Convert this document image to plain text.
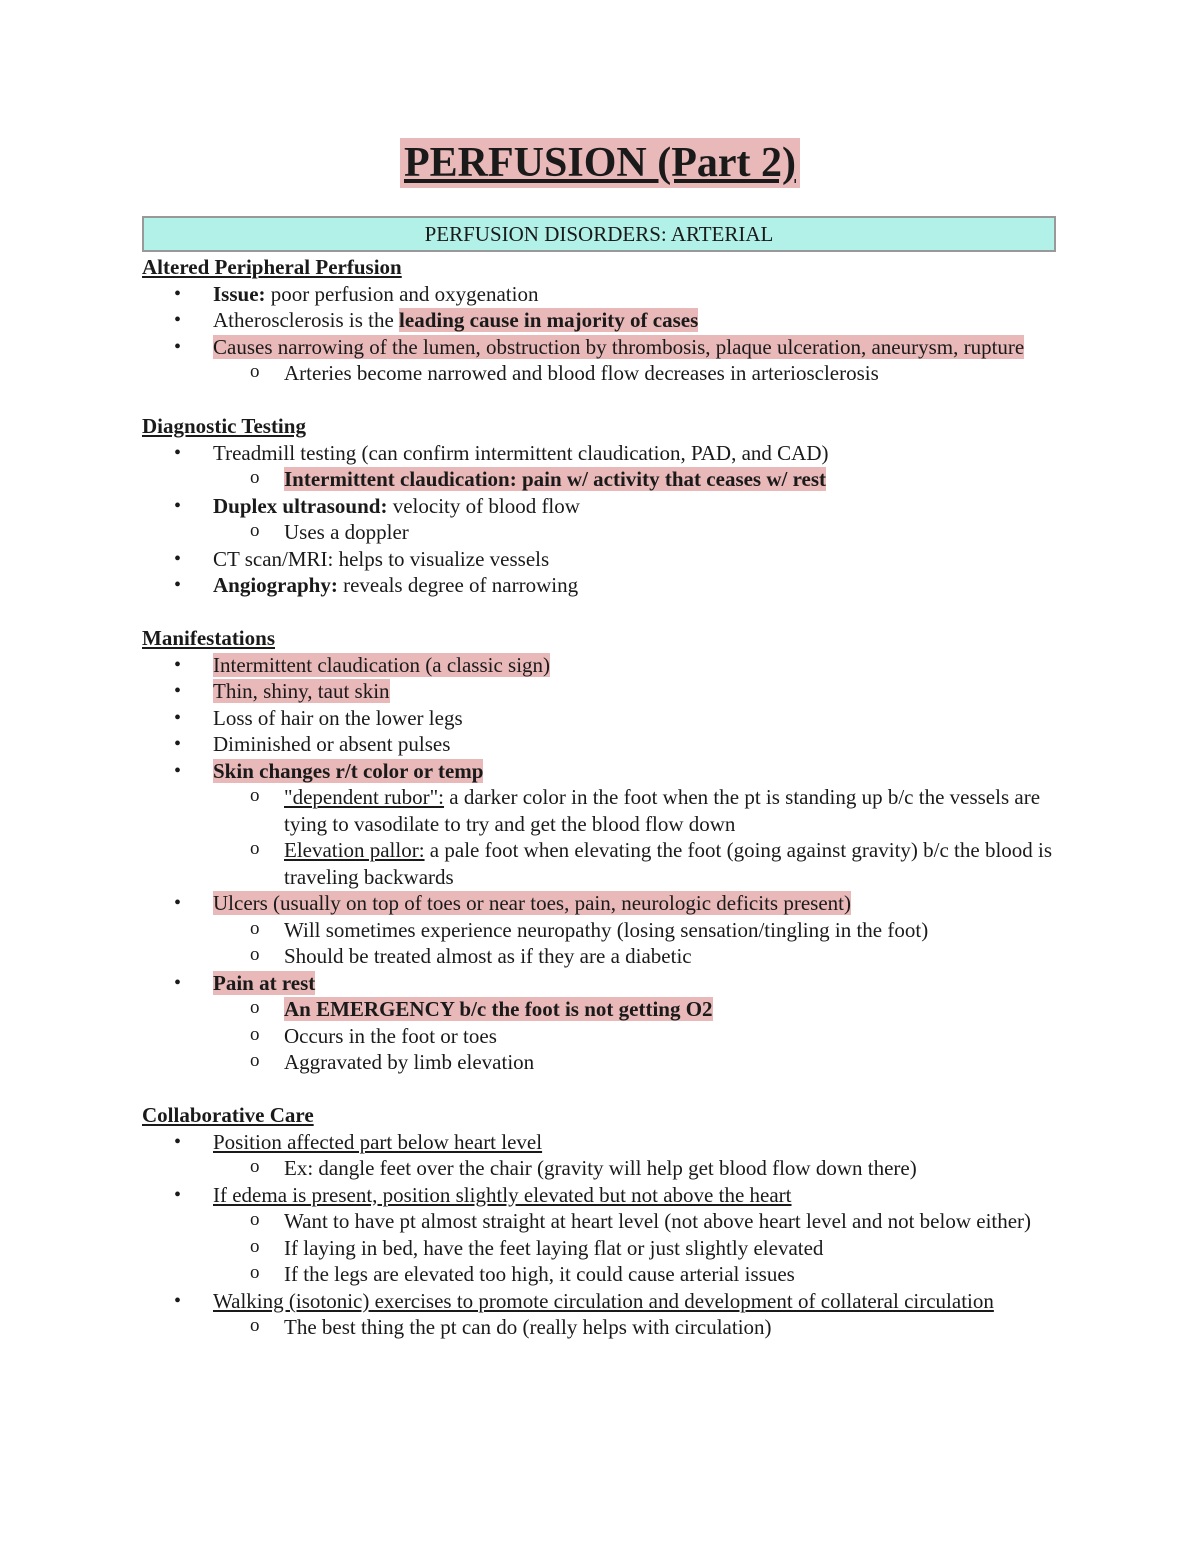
PERFUSION (Part 2)
PERFUSION DISORDERS: ARTERIAL

Altered Peripheral Perfusion

• Issue: poor perfusion and oxygenation
• Atherosclerosis is the leading cause in majority of cases
• Causes narrowing of the lumen, obstruction by thrombosis, plaque ulceration, aneurysm, rupture
o Arteries become narrowed and blood flow decreases in arteriosclerosis

Diagnostic Testing

• Treadmill testing (can confirm intermittent claudication, PAD, and CAD)
o Intermittent claudication: pain w/ activity that ceases w/ rest
• Duplex ultrasound: velocity of blood flow
o Uses a doppler
• CT scan/MRI: helps to visualize vessels
• Angiography: reveals degree of narrowing

Manifestations

• Intermittent claudication (a classic sign)
• Thin, shiny, taut skin
• Loss of hair on the lower legs
• Diminished or absent pulses
• Skin changes r/t color or temp
o "dependent rubor": a darker color in the foot when the pt is standing up b/c the vessels are tying to vasodilate to try and get the blood flow down
o Elevation pallor: a pale foot when elevating the foot (going against gravity) b/c the blood is traveling backwards
• Ulcers (usually on top of toes or near toes, pain, neurologic deficits present)
o Will sometimes experience neuropathy (losing sensation/tingling in the foot)
o Should be treated almost as if they are a diabetic
• Pain at rest
o An EMERGENCY b/c the foot is not getting O2
o Occurs in the foot or toes
o Aggravated by limb elevation

Collaborative Care

• Position affected part below heart level
o Ex: dangle feet over the chair (gravity will help get blood flow down there)
• If edema is present, position slightly elevated but not above the heart
o Want to have pt almost straight at heart level (not above heart level and not below either)
o If laying in bed, have the feet laying flat or just slightly elevated
o If the legs are elevated too high, it could cause arterial issues
• Walking (isotonic) exercises to promote circulation and development of collateral circulation
o The best thing the pt can do (really helps with circulation)
